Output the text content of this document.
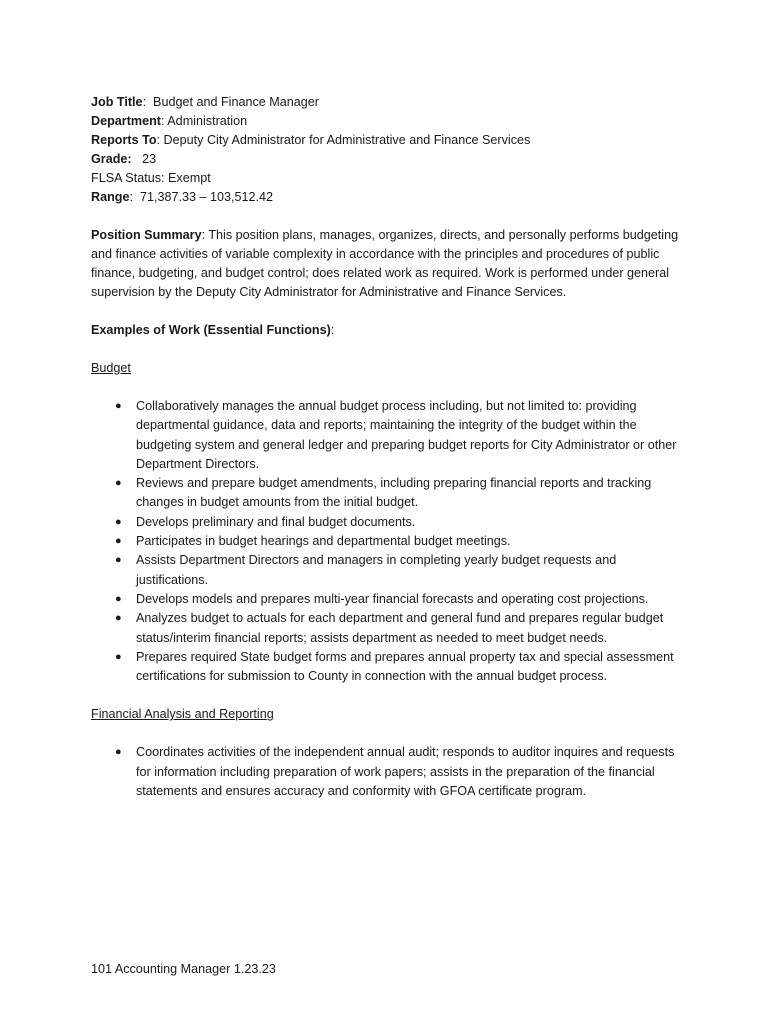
Job Title:  Budget and Finance Manager

Department: Administration

Reports To: Deputy City Administrator for Administrative and Finance Services

Grade:   23

FLSA Status: Exempt

Range:  71,387.33 – 103,512.42

Position Summary: This position plans, manages, organizes, directs, and personally performs budgeting and finance activities of variable complexity in accordance with the principles and procedures of public finance, budgeting, and budget control; does related work as required. Work is performed under general supervision by the Deputy City Administrator for Administrative and Finance Services.

Examples of Work (Essential Functions):

Budget

● Collaboratively manages the annual budget process including, but not limited to: providing departmental guidance, data and reports; maintaining the integrity of the budget within the budgeting system and general ledger and preparing budget reports for City Administrator or other Department Directors.
● Reviews and prepare budget amendments, including preparing financial reports and tracking changes in budget amounts from the initial budget.
● Develops preliminary and final budget documents.
● Participates in budget hearings and departmental budget meetings.
● Assists Department Directors and managers in completing yearly budget requests and justifications.
● Develops models and prepares multi-year financial forecasts and operating cost projections.
● Analyzes budget to actuals for each department and general fund and prepares regular budget status/interim financial reports; assists department as needed to meet budget needs.
● Prepares required State budget forms and prepares annual property tax and special assessment certifications for submission to County in connection with the annual budget process.

Financial Analysis and Reporting

● Coordinates activities of the independent annual audit; responds to auditor inquires and requests for information including preparation of work papers; assists in the preparation of the financial statements and ensures accuracy and conformity with GFOA certificate program.
101 Accounting Manager 1.23.23
